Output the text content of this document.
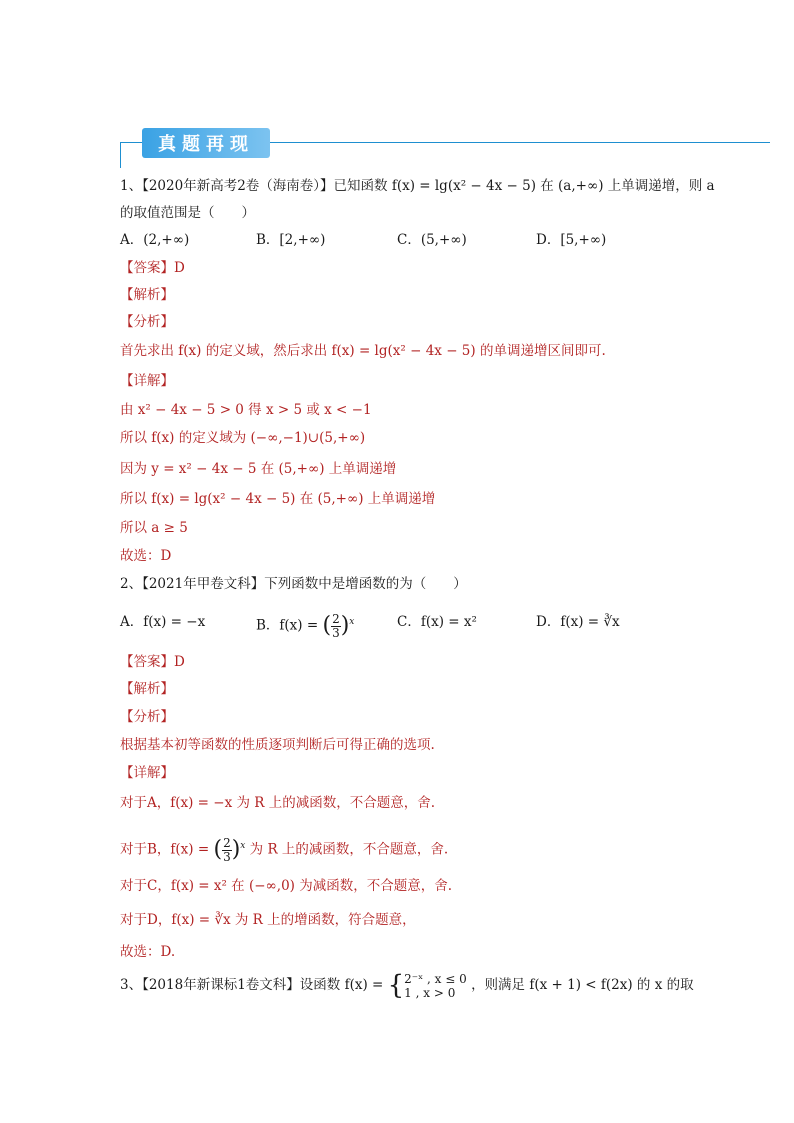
真题再现
1、【2020年新高考2卷（海南卷）】已知函数 f(x) = lg(x² − 4x − 5) 在 (a,+∞) 上单调递增，则 a
的取值范围是（　　）
A．(2,+∞)	B．[2,+∞)	C．(5,+∞)	D．[5,+∞)
【答案】D
【解析】
【分析】
首先求出 f(x) 的定义域，然后求出 f(x) = lg(x² − 4x − 5) 的单调递增区间即可.
【详解】
由 x² − 4x − 5 > 0 得 x > 5 或 x < −1
所以 f(x) 的定义域为 (−∞,−1)∪(5,+∞)
因为 y = x² − 4x − 5 在 (5,+∞) 上单调递增
所以 f(x) = lg(x² − 4x − 5) 在 (5,+∞) 上单调递增
所以 a ≥ 5
故选：D
2、【2021年甲卷文科】下列函数中是增函数的为（　　）
A．f(x) = −x	B．f(x) = ( $\frac{2}{3} )^x$	C．f(x) = x²	D．f(x) = ∛x
【答案】D
【解析】
【分析】
根据基本初等函数的性质逐项判断后可得正确的选项.
【详解】
对于A，f(x) = −x 为 R 上的减函数，不合题意，舍.
对于B，f(x) = ( $\frac{2}{3} )^x$ 为 R 上的减函数，不合题意，舍.
对于C，f(x) = x² 在 (−∞,0) 为减函数，不合题意，舍.
对于D，f(x) = ∛x 为 R 上的增函数，符合题意，
故选：D.
3、【2018年新课标1卷文科】设函数 f(x) = { 2⁻ˣ , x ≤ 0
1 , x > 0	，则满足 f(x + 1) < f(2x) 的 x 的取
